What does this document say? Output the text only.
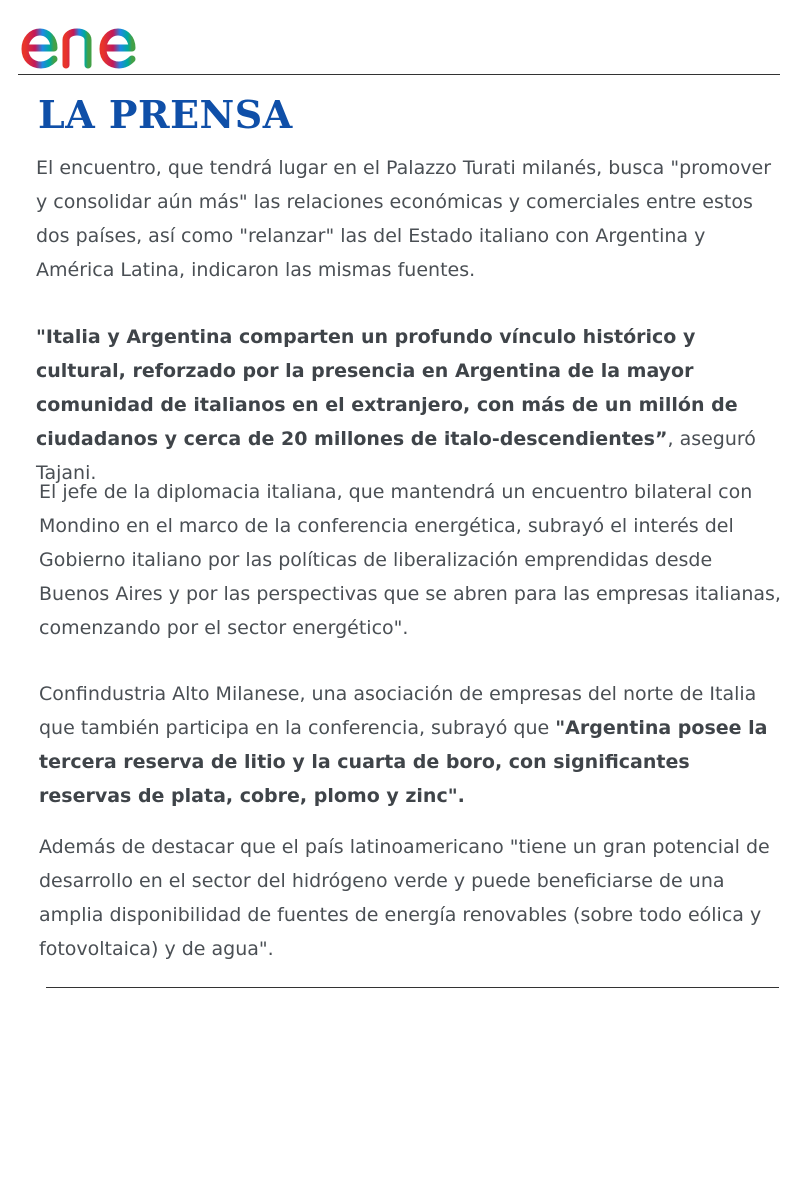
LA PRENSA

El encuentro, que tendrá lugar en el Palazzo Turati milanés, busca "promover y consolidar aún más" las relaciones económicas y comerciales entre estos dos países, así como "relanzar" las del Estado italiano con Argentina y América Latina, indicaron las mismas fuentes.

"Italia y Argentina comparten un profundo vínculo histórico y cultural, reforzado por la presencia en Argentina de la mayor comunidad de italianos en el extranjero, con más de un millón de ciudadanos y cerca de 20 millones de italo-descendientes”, aseguró Tajani.

El jefe de la diplomacia italiana, que mantendrá un encuentro bilateral con Mondino en el marco de la conferencia energética, subrayó el interés del Gobierno italiano por las políticas de liberalización emprendidas desde Buenos Aires y por las perspectivas que se abren para las empresas italianas, comenzando por el sector energético".

Confindustria Alto Milanese, una asociación de empresas del norte de Italia que también participa en la conferencia, subrayó que "Argentina posee la tercera reserva de litio y la cuarta de boro, con significantes reservas de plata, cobre, plomo y zinc".

Además de destacar que el país latinoamericano "tiene un gran potencial de desarrollo en el sector del hidrógeno verde y puede beneficiarse de una amplia disponibilidad de fuentes de energía renovables (sobre todo eólica y fotovoltaica) y de agua".
